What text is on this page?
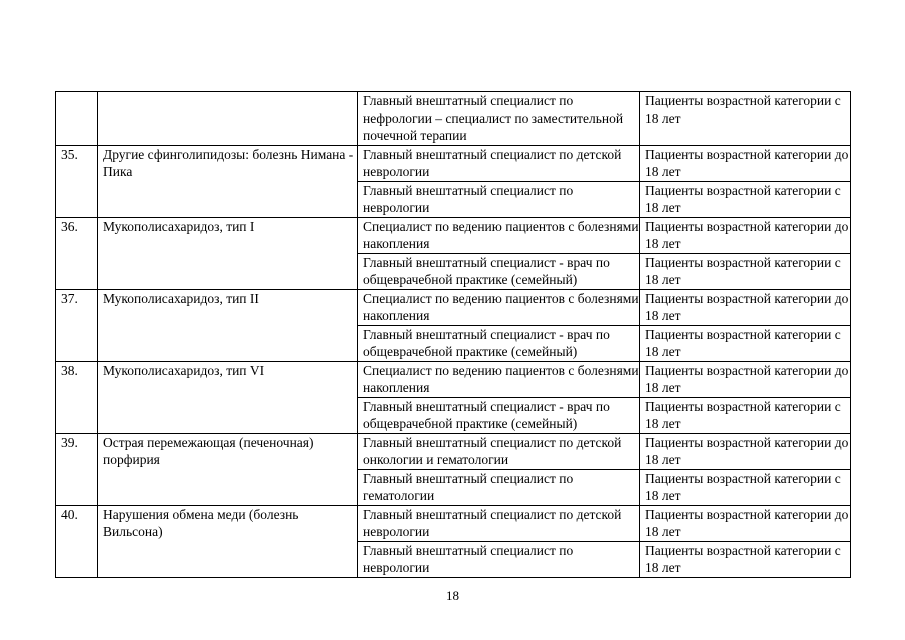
		Главный внештатный специалист по нефрологии – специалист по заместительной почечной терапии	Пациенты возрастной категории с 18 лет
35.	Другие сфинголипидозы: болезнь Нимана - Пика	Главный внештатный специалист по детской неврологии	Пациенты возрастной категории до 18 лет
		Главный внештатный специалист по неврологии	Пациенты возрастной категории с 18 лет
36.	Мукополисахаридоз, тип I	Специалист по ведению пациентов с болезнями накопления	Пациенты возрастной категории до 18 лет
		Главный внештатный специалист - врач по общеврачебной практике (семейный)	Пациенты возрастной категории с 18 лет
37.	Мукополисахаридоз, тип II	Специалист по ведению пациентов с болезнями накопления	Пациенты возрастной категории до 18 лет
		Главный внештатный специалист - врач по общеврачебной практике (семейный)	Пациенты возрастной категории с 18 лет
38.	Мукополисахаридоз, тип VI	Специалист по ведению пациентов с болезнями накопления	Пациенты возрастной категории до 18 лет
		Главный внештатный специалист - врач по общеврачебной практике (семейный)	Пациенты возрастной категории с 18 лет
39.	Острая перемежающая (печеночная) порфирия	Главный внештатный специалист по детской онкологии и гематологии	Пациенты возрастной категории до 18 лет
		Главный внештатный специалист по гематологии	Пациенты возрастной категории с 18 лет
40.	Нарушения обмена меди (болезнь Вильсона)	Главный внештатный специалист по детской неврологии	Пациенты возрастной категории до 18 лет
		Главный внештатный специалист по неврологии	Пациенты возрастной категории с 18 лет
18
